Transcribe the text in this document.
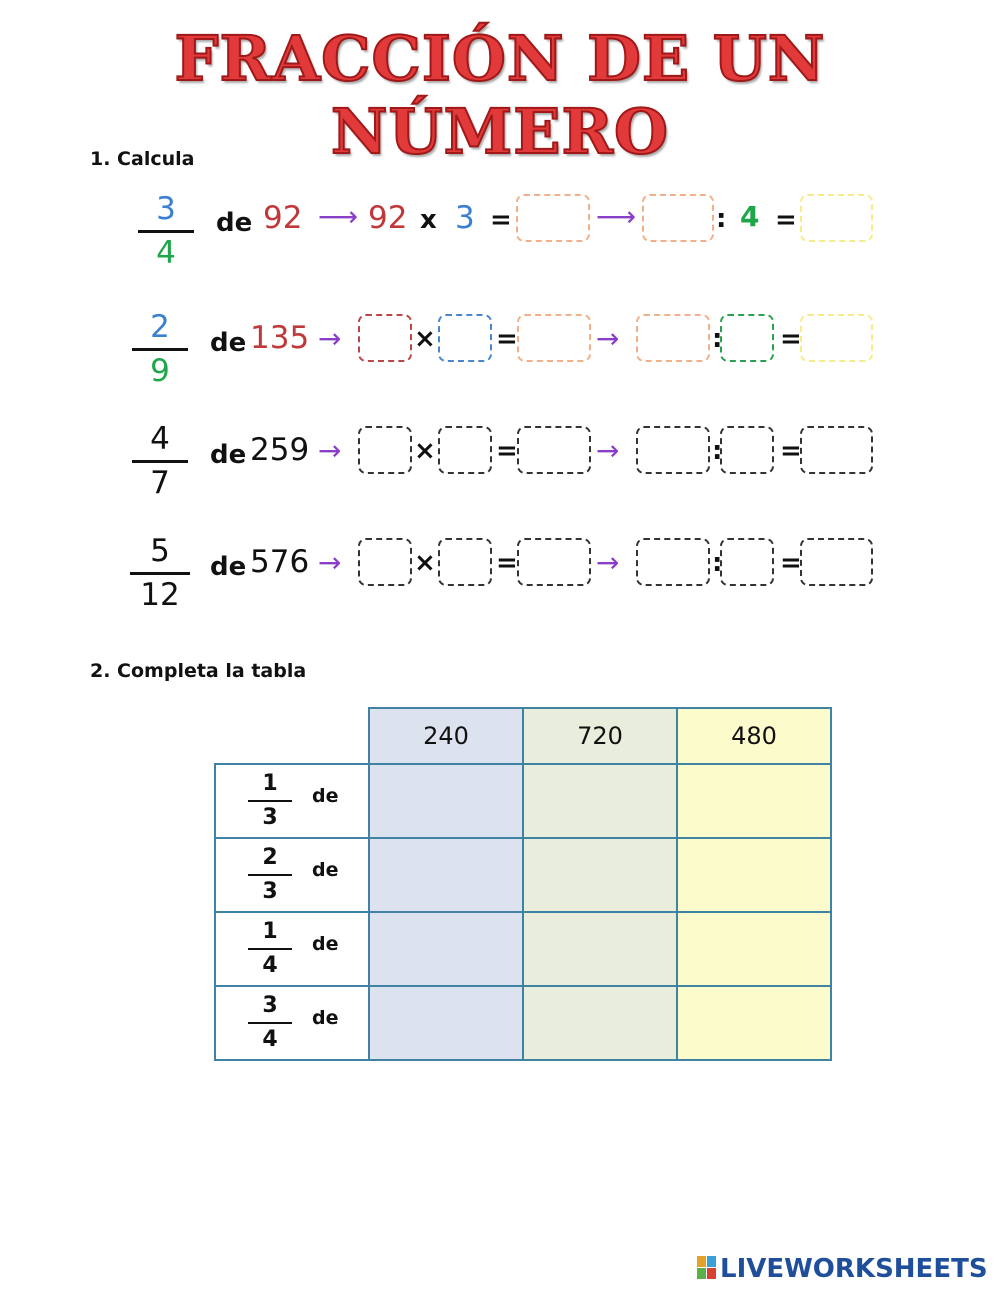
FRACCIÓN DE UN NÚMERO
1. Calcula
3
4
de 92 ⟶ 92 x 3 =	⟶	: 4 =
2
9
de 135 →	× =	→	: =
4
7
de 259 →	× =	→	: =
5
12
de 576 →	× =	→	: =
2. Completa la tabla
	240	720	480

1
3
de			

2
3
de			

1
4
de			

3
4
de			

LIVEWORKSHEETS
